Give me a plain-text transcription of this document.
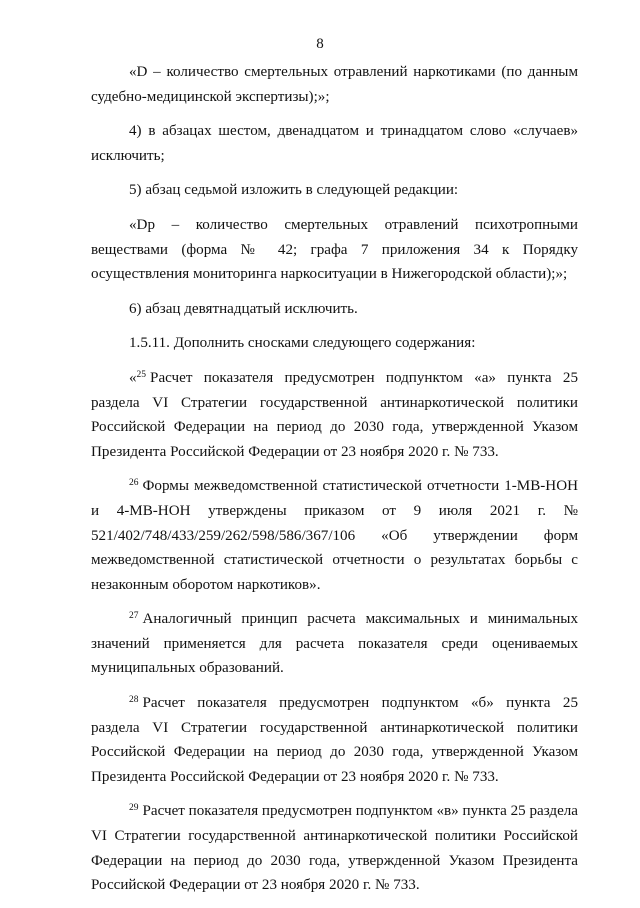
8

«D – количество смертельных отравлений наркотиками (по данным судебно-медицинской экспертизы);»;

4) в абзацах шестом, двенадцатом и тринадцатом слово «случаев» исключить;

5) абзац седьмой изложить в следующей редакции:

«Dp – количество смертельных отравлений психотропными веществами (форма № 42; графа 7 приложения 34 к Порядку осуществления мониторинга наркоситуации в Нижегородской области);»;

6) абзац девятнадцатый исключить.

1.5.11. Дополнить сносками следующего содержания:

«$^{25}$ Расчет показателя предусмотрен подпунктом «а» пункта 25 раздела VI Стратегии государственной антинаркотической политики Российской Федерации на период до 2030 года, утвержденной Указом Президента Российской Федерации от 23 ноября 2020 г. № 733.

$^{26}$ Формы межведомственной статистической отчетности 1-МВ-НОН и 4-МВ-НОН утверждены приказом от 9 июля 2021 г. № 521/402/748/433/259/262/598/586/367/106 «Об утверждении форм межведомственной статистической отчетности о результатах борьбы с незаконным оборотом наркотиков».

$^{27}$ Аналогичный принцип расчета максимальных и минимальных значений применяется для расчета показателя среди оцениваемых муниципальных образований.

$^{28}$ Расчет показателя предусмотрен подпунктом «б» пункта 25 раздела VI Стратегии государственной антинаркотической политики Российской Федерации на период до 2030 года, утвержденной Указом Президента Российской Федерации от 23 ноября 2020 г. № 733.

$^{29}$ Расчет показателя предусмотрен подпунктом «в» пункта 25 раздела VI Стратегии государственной антинаркотической политики Российской Федерации на период до 2030 года, утвержденной Указом Президента Российской Федерации от 23 ноября 2020 г. № 733.
